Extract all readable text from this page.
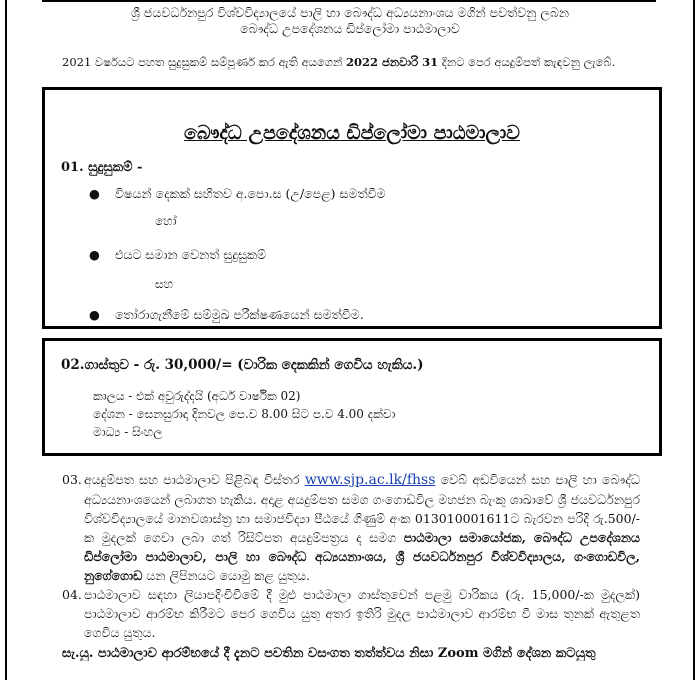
ශ්‍රී ජයවර්ධනපුර විශ්වවිද්‍යාලයේ පාලි හා බෞද්ධ අධ්‍යයනාංශය මගින් පවත්වනු ලබන
බෞද්ධ උපදේශනය ඩිප්ලෝමා පාඨමාලාව
2021 වර්ෂයට පහත සුදුසුකම් සම්පූර්ණ කර ඇති අයගෙන් 2022 ජනවාරි 31 දිනට පෙර අයදුම්පත් කැඳවනු ලැබේ.
බෞද්ධ උපදේශනය ඩිප්ලෝමා පාඨමාලාව
01. සුදුසුකම් -
● විෂයන් දෙකක් සහිතව අ.පො.ස (උ/පෙළ) සමත්වීම
හෝ
● එයට සමාන වෙනත් සුදුසුකම්
සහ
● තෝරාගැනීමේ සම්මුඛ පරීක්ෂණයෙන් සමත්වීම.
02.ගාස්තුව - රු. 30,000/= (වාරික දෙකකින් ගෙවිය හැකිය.)
කාලය - එක් අවුරුද්දයි (අර්ධ වාර්ෂික 02)
දේශන - සෙනසුරාදා දිනවල පෙ.ව 8.00 සිට ප.ව 4.00 දක්වා
මාධ්‍ය - සිංහල
03. අයදුම්පත සහ පාඨමාලාව පිළිබඳ විස්තර www.sjp.ac.lk/fhss වෙබ් අඩවියෙන් සහ පාලි හා බෞද්ධ අධ්‍යයනාංශයෙන් ලබාගත හැකිය. අදාළ අයදුම්පත සමග ගංගොඩවිල මහජන බැංකු ශාඛාවේ ශ්‍රී ජයවර්ධනපුර විශ්වවිද්‍යාලයේ මානවශාස්ත්‍ර හා සමාජවිද්‍යා පීඨයේ ගිණුම් අංක 013010001611ට බැරවන පරිදි රු.500/- ක මුදලක් ගෙවා ලබා ගත් රිසිට්පත අයදුම්පත්‍රය ද සමග පාඨමාලා සමායෝජක, බෞද්ධ උපදේශනය ඩිප්ලෝමා පාඨමාලාව, පාලි හා බෞද්ධ අධ්‍යයනාංශය, ශ්‍රී ජයවර්ධනපුර විශ්වවිද්‍යාලය, ගංගොඩවිල, නුගේගොඩ යන ලිපිනයට යොමු කළ යුතුය.
04. පාඨමාලාව සඳහා ලියාපදිංචිවීමේ දී මුළු පාඨමාලා ගාස්තුවෙන් පළමු වාරිකය (රු. 15,000/-ක මුදලක්) පාඨමාලාව ආරම්භ කිරීමට පෙර ගෙවිය යුතු අතර ඉතිරි මුදල පාඨමාලාව ආරම්භ වී මාස තුනක් ඇතුළත ගෙවිය යුතුය.
සැ.යු. පාඨමාලාව ආරම්භයේ දී දැනට පවතින වසංගත තත්ත්වය නිසා Zoom මගින් දේශන කටයුතු
